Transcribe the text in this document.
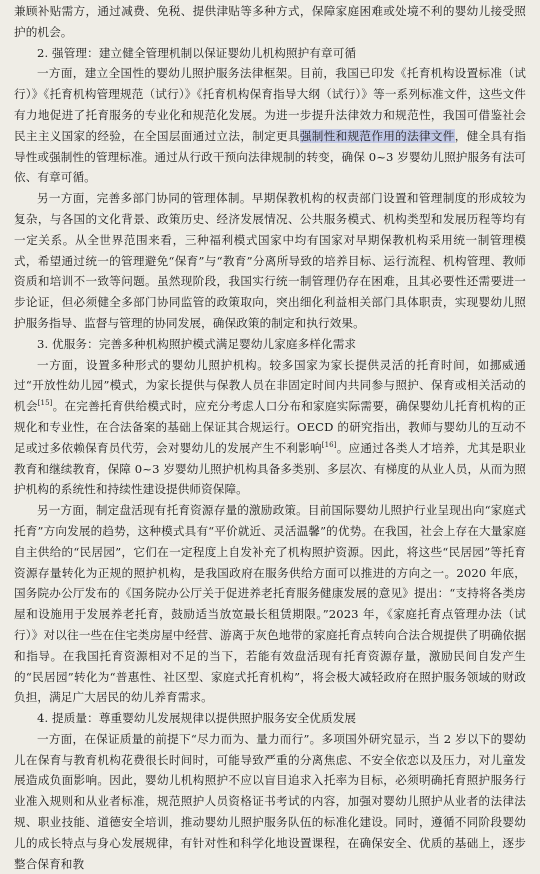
兼顾补贴需方，通过减费、免税、提供津贴等多种方式，保障家庭困难或处境不利的婴幼儿接受照护的机会。

2. 强管理：建立健全管理机制以保证婴幼儿机构照护有章可循

一方面，建立全国性的婴幼儿照护服务法律框架。目前，我国已印发《托育机构设置标准（试行）》《托育机构管理规范（试行）》《托育机构保育指导大纲（试行）》等一系列标准文件，这些文件有力地促进了托育服务的专业化和规范化发展。为进一步提升法律效力和规范性，我国可借鉴社会民主主义国家的经验，在全国层面通过立法，制定更具强制性和规范作用的法律文件，健全具有指导性或强制性的管理标准。通过从行政干预向法律规制的转变，确保 0~3 岁婴幼儿照护服务有法可依、有章可循。

另一方面，完善多部门协同的管理体制。早期保教机构的权责部门设置和管理制度的形成较为复杂，与各国的文化背景、政策历史、经济发展情况、公共服务模式、机构类型和发展历程等均有一定关系。从全世界范围来看，三种福利模式国家中均有国家对早期保教机构采用统一制管理模式，希望通过统一的管理避免“保育”与“教育”分离所导致的培养目标、运行流程、机构管理、教师资质和培训不一致等问题。虽然现阶段，我国实行统一制管理仍存在困难，且其必要性还需要进一步论证，但必须健全多部门协同监管的政策取向，突出细化利益相关部门具体职责，实现婴幼儿照护服务指导、监督与管理的协同发展，确保政策的制定和执行效果。

3. 优服务：完善多种机构照护模式满足婴幼儿家庭多样化需求

一方面，设置多种形式的婴幼儿照护机构。较多国家为家长提供灵活的托育时间，如挪威通过“开放性幼儿园”模式，为家长提供与保教人员在非固定时间内共同参与照护、保育或相关活动的机会[15]。在完善托育供给模式时，应充分考虑人口分布和家庭实际需要，确保婴幼儿托育机构的正规化和专业性，在合法备案的基础上保证其合规运行。OECD 的研究指出，教师与婴幼儿的互动不足或过多依赖保育员代劳，会对婴幼儿的发展产生不利影响[16]。应通过各类人才培养，尤其是职业教育和继续教育，保障 0~3 岁婴幼儿照护机构具备多类别、多层次、有梯度的从业人员，从而为照护机构的系统性和持续性建设提供师资保障。

另一方面，制定盘活现有托育资源存量的激励政策。目前国际婴幼儿照护行业呈现出向“家庭式托育”方向发展的趋势，这种模式具有“平价就近、灵活温馨”的优势。在我国，社会上存在大量家庭自主供给的“民居园”，它们在一定程度上自发补充了机构照护资源。因此，将这些“民居园”等托育资源存量转化为正规的照护机构，是我国政府在服务供给方面可以推进的方向之一。2020 年底，国务院办公厅发布的《国务院办公厅关于促进养老托育服务健康发展的意见》提出：“支持将各类房屋和设施用于发展养老托育，鼓励适当放宽最长租赁期限。”2023 年，《家庭托育点管理办法（试行）》对以往一些在住宅类房屋中经营、游离于灰色地带的家庭托育点转向合法合规提供了明确依据和指导。在我国托育资源相对不足的当下，若能有效盘活现有托育资源存量，激励民间自发产生的“民居园”转化为“普惠性、社区型、家庭式托育机构”，将会极大减轻政府在照护服务领域的财政负担，满足广大居民的幼儿养育需求。

4. 提质量：尊重婴幼儿发展规律以提供照护服务安全优质发展

一方面，在保证质量的前提下“尽力而为、量力而行”。多项国外研究显示，当 2 岁以下的婴幼儿在保育与教育机构花费很长时间时，可能导致严重的分离焦虑、不安全依恋以及压力，对儿童发展造成负面影响。因此，婴幼儿机构照护不应以盲目追求入托率为目标，必须明确托育照护服务行业准入规则和从业者标准，规范照护人员资格证书考试的内容，加强对婴幼儿照护从业者的法律法规、职业技能、道德安全培训，推动婴幼儿照护服务队伍的标准化建设。同时，遵循不同阶段婴幼儿的成长特点与身心发展规律，有针对性和科学化地设置课程，在确保安全、优质的基础上，逐步整合保育和教
